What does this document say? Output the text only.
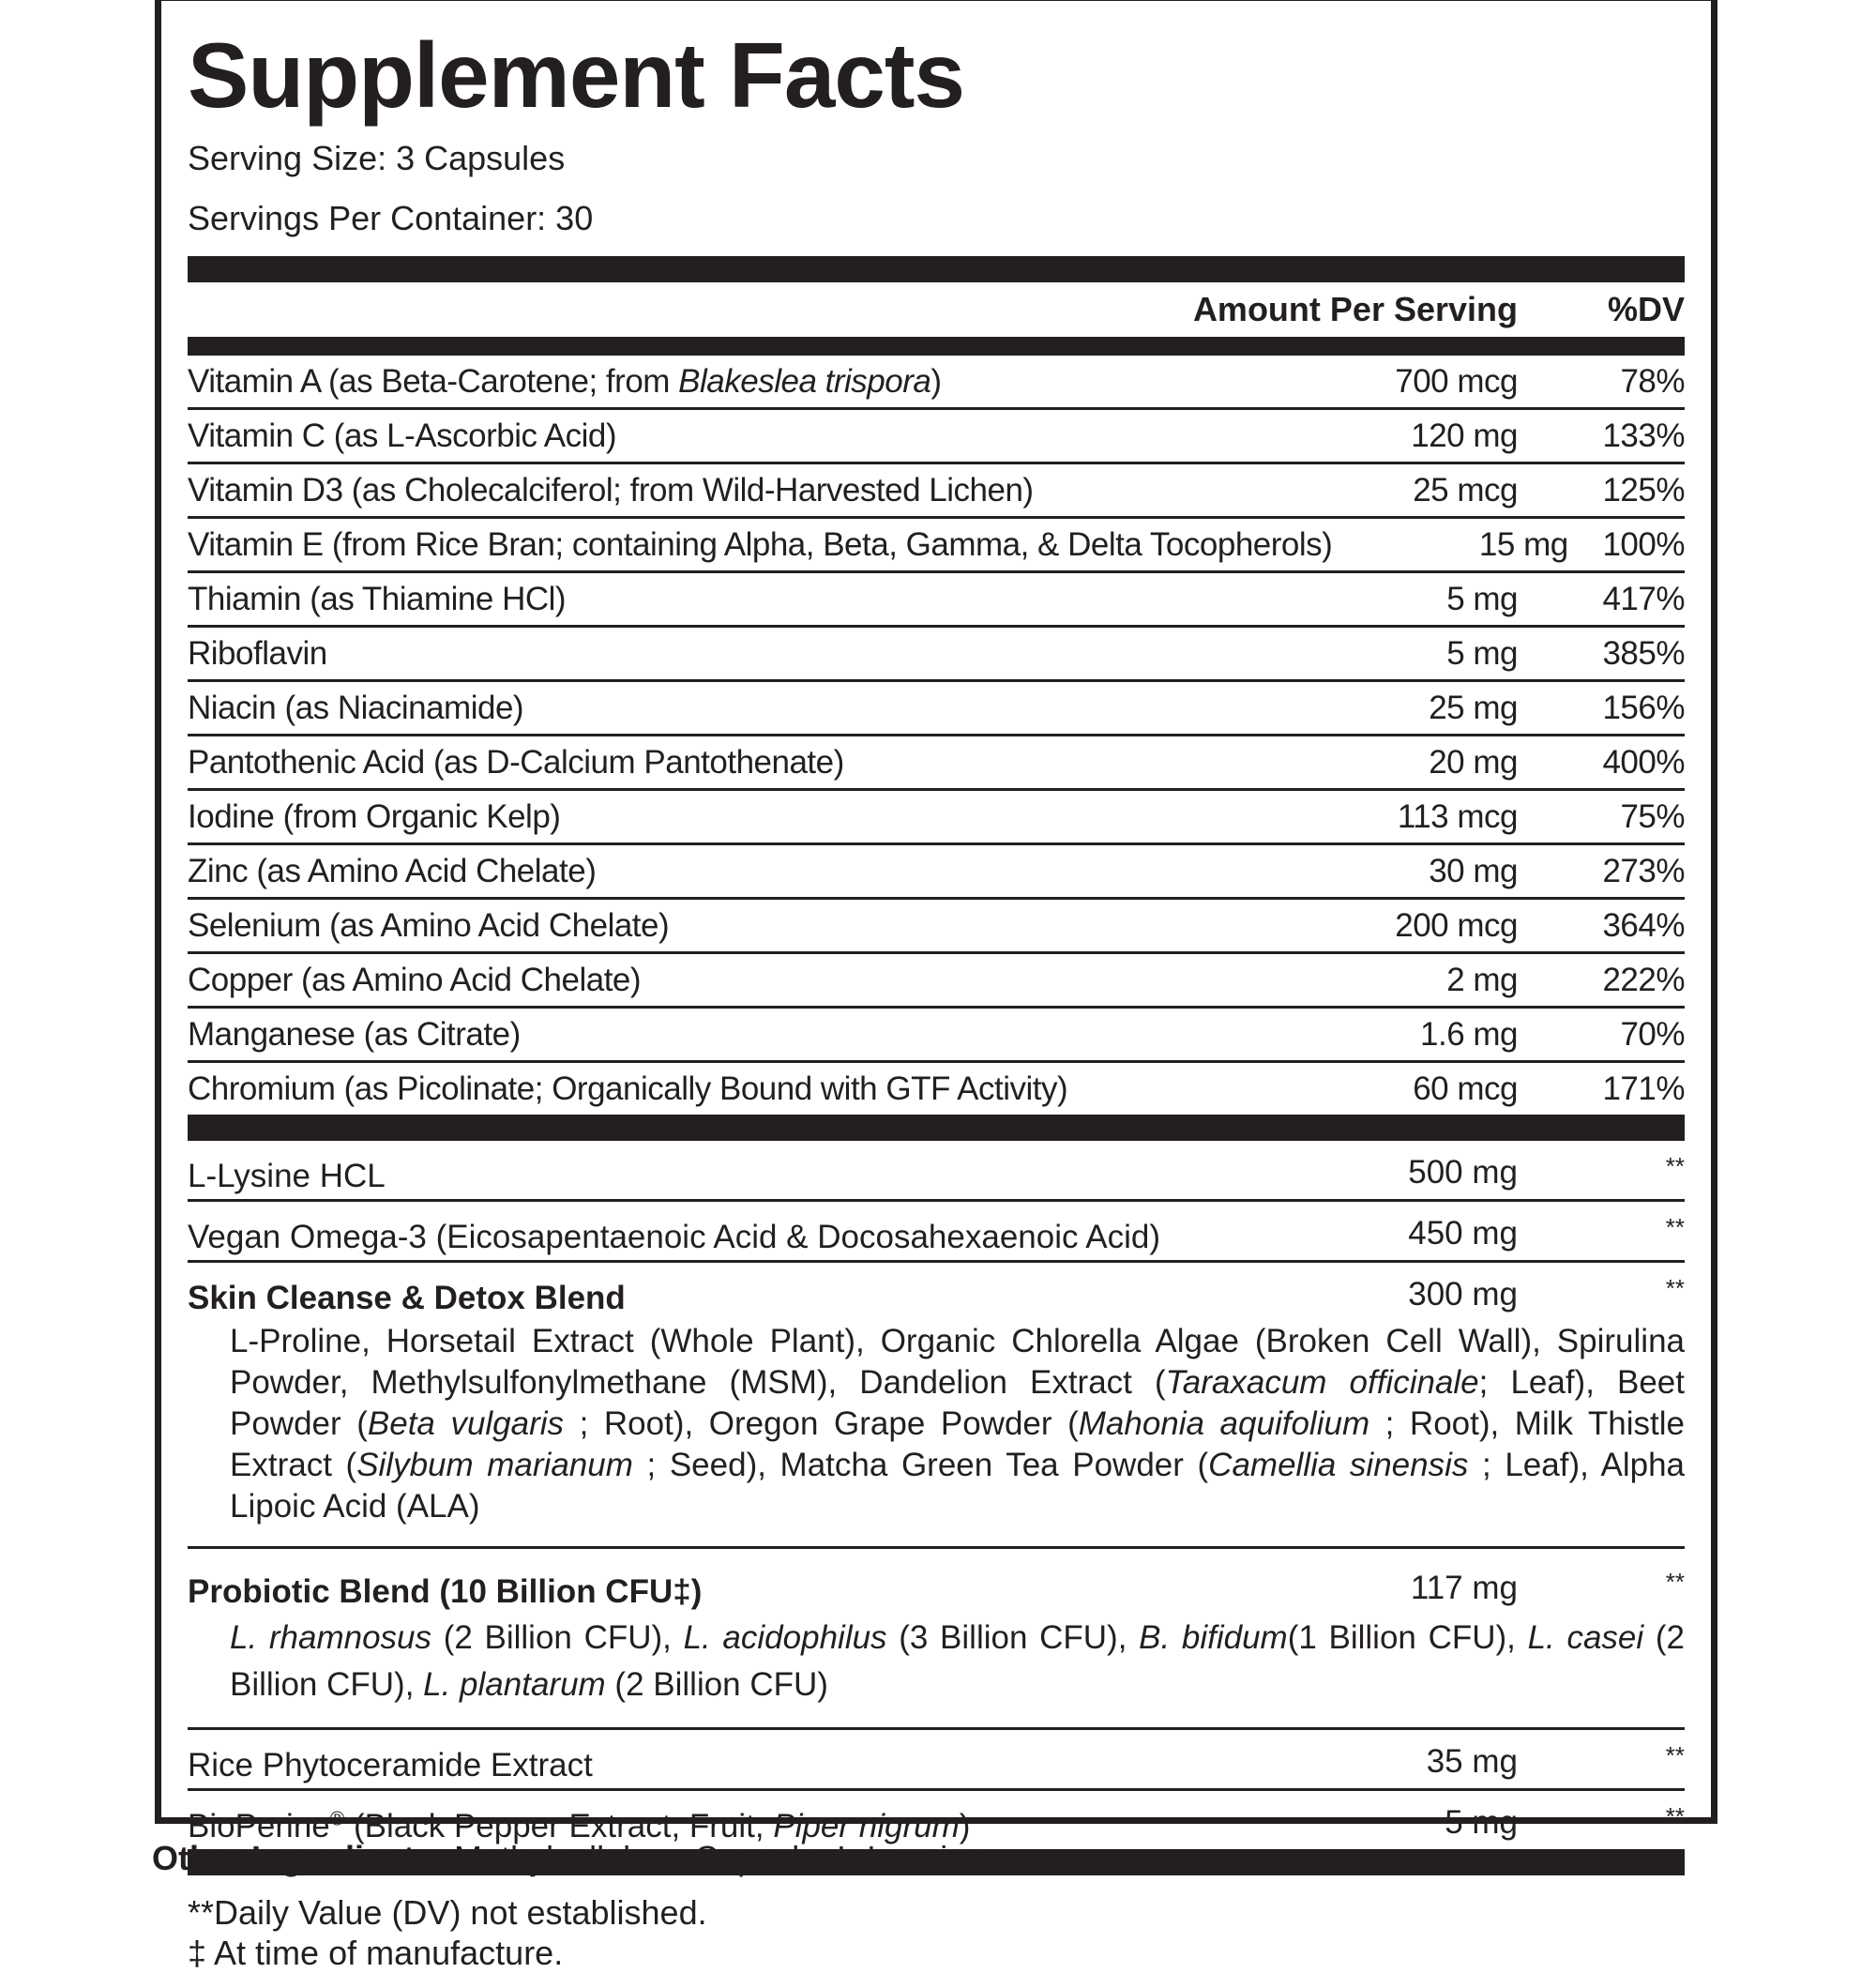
Supplement Facts
Serving Size: 3 Capsules
Servings Per Container: 30
Amount Per Serving	%DV
Vitamin A (as Beta-Carotene; from Blakeslea trispora)	700 mcg	78%
Vitamin C (as L-Ascorbic Acid)	120 mg	133%
Vitamin D3 (as Cholecalciferol; from Wild-Harvested Lichen)	25 mcg	125%
Vitamin E (from Rice Bran; containing Alpha, Beta, Gamma, & Delta Tocopherols)	15 mg	100%
Thiamin (as Thiamine HCl)	5 mg	417%
Riboflavin	5 mg	385%
Niacin (as Niacinamide)	25 mg	156%
Pantothenic Acid (as D-Calcium Pantothenate)	20 mg	400%
Iodine (from Organic Kelp)	113 mcg	75%
Zinc (as Amino Acid Chelate)	30 mg	273%
Selenium (as Amino Acid Chelate)	200 mcg	364%
Copper (as Amino Acid Chelate)	2 mg	222%
Manganese (as Citrate)	1.6 mg	70%
Chromium (as Picolinate; Organically Bound with GTF Activity)	60 mcg	171%
L-Lysine HCL	500 mg	**
Vegan Omega-3 (Eicosapentaenoic Acid & Docosahexaenoic Acid)	450 mg	**
Skin Cleanse & Detox Blend	300 mg	**
L-Proline, Horsetail Extract (Whole Plant), Organic Chlorella Algae (Broken Cell Wall), Spirulina Powder, Methylsulfonylmethane (MSM), Dandelion Extract (Taraxacum officinale; Leaf), Beet Powder (Beta vulgaris ; Root), Oregon Grape Powder (Mahonia aquifolium ; Root), Milk Thistle Extract (Silybum marianum ; Seed), Matcha Green Tea Powder (Camellia sinensis ; Leaf), Alpha Lipoic Acid (ALA)
Probiotic Blend (10 Billion CFU‡)	117 mg	**
L. rhamnosus (2 Billion CFU), L. acidophilus (3 Billion CFU), B. bifidum(1 Billion CFU), L. casei (2 Billion CFU), L. plantarum (2 Billion CFU)
Rice Phytoceramide Extract	35 mg	**
BioPerine® (Black Pepper Extract; Fruit; Piper nigrum)	5 mg	**
**Daily Value (DV) not established.
‡ At time of manufacture.
Other Ingredients: Methylcellulose Capsule, L-Leucine.
